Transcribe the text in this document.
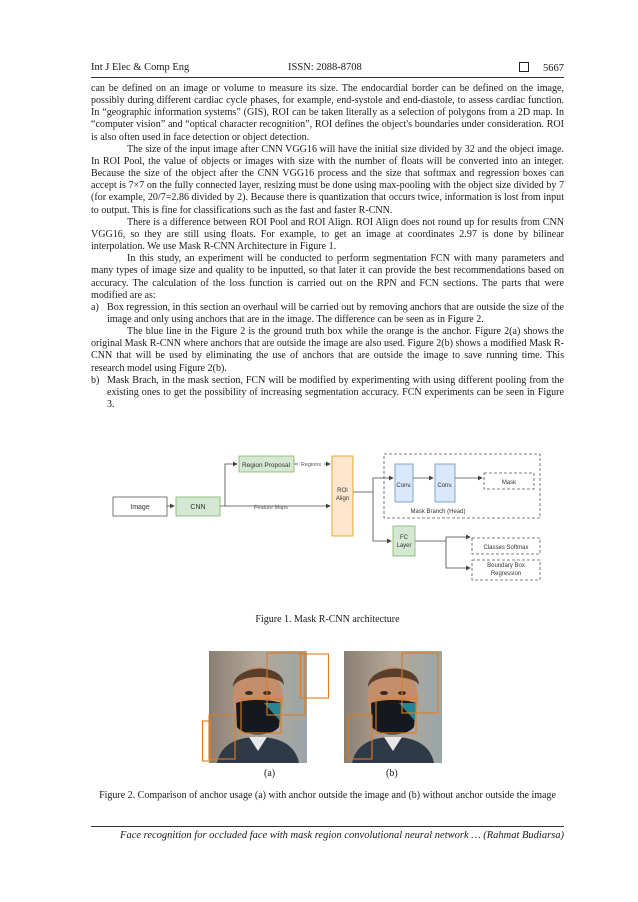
Int J Elec & Comp Eng	ISSN: 2088-8708	5667

can be defined on an image or volume to measure its size. The endocardial border can be defined on the image, possibly during different cardiac cycle phases, for example, end-systole and end-diastole, to assess cardiac function. In “geographic information systems” (GIS), ROI can be taken literally as a selection of polygons from a 2D map. In “computer vision” and “optical character recognition”, ROI defines the object's boundaries under consideration. ROI is also often used in face detection or object detection.

The size of the input image after CNN VGG16 will have the initial size divided by 32 and the object image. In ROI Pool, the value of objects or images with size with the number of floats will be converted into an integer. Because the size of the object after the CNN VGG16 process and the size that softmax and regression boxes can accept is 7×7 on the fully connected layer, resizing must be done using max-pooling with the object size divided by 7 (for example, 20/7=2.86 divided by 2). Because there is quantization that occurs twice, information is lost from input to output. This is fine for classifications such as the fast and faster R-CNN.

There is a difference between ROI Pool and ROI Align. ROI Align does not round up for results from CNN VGG16, so they are still using floats. For example, to get an image at coordinates 2.97 is done by bilinear interpolation. We use Mask R-CNN Architecture in Figure 1.

In this study, an experiment will be conducted to perform segmentation FCN with many parameters and many types of image size and quality to be inputted, so that later it can provide the best recommendations based on accuracy. The calculation of the loss function is carried out on the RPN and FCN sections. The parts that were modified are as:

a) Box regression, in this section an overhaul will be carried out by removing anchors that are outside the size of the image and only using anchors that are in the image. The difference can be seen as in Figure 2.

The blue line in the Figure 2 is the ground truth box while the orange is the anchor. Figure 2(a) shows the original Mask R-CNN where anchors that are outside the image are also used. Figure 2(b) shows a modified Mask R-CNN that will be used by eliminating the use of anchors that are outside the image to save running time. This research model using Figure 2(b).

b) Mask Brach, in the mask section, FCN will be modified by experimenting with using different pooling from the existing ones to get the possibility of increasing segmentation accuracy. FCN experiments can be seen in Figure 3.
Image	CNN
Region Proposal Regions
Feature Maps
ROI
Align
Conv.	Conv.	Mask
Mask Branch (Head)
FC
Layer	Classes Softmax
Boundary Box
Regression
Figure 1. Mask R-CNN architecture
(a)	(b)
Figure 2. Comparison of anchor usage (a) with anchor outside the image and (b) without anchor outside the image
Face recognition for occluded face with mask region convolutional neural network … (Rahmat Budiarsa)
